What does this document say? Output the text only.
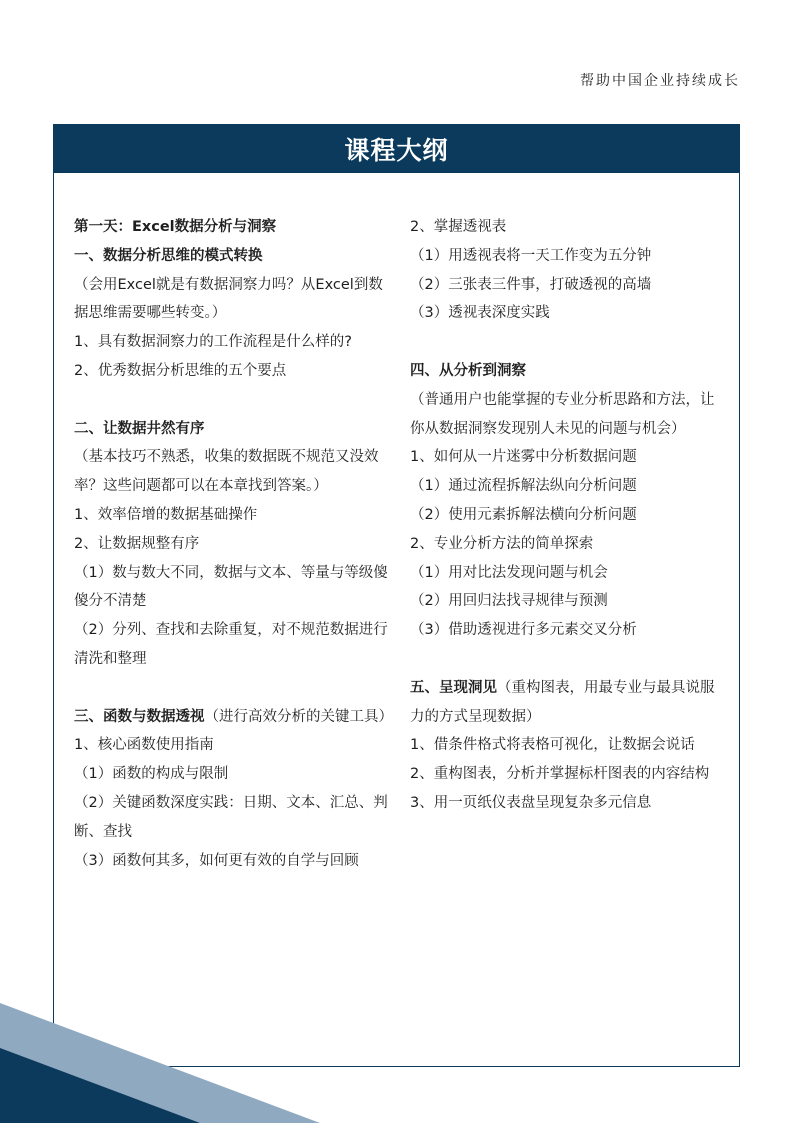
帮助中国企业持续成长
课程大纲
第一天：Excel数据分析与洞察
一、数据分析思维的模式转换
（会用Excel就是有数据洞察力吗？从Excel到数据思维需要哪些转变。）
1、具有数据洞察力的工作流程是什么样的?
2、优秀数据分析思维的五个要点
二、让数据井然有序
（基本技巧不熟悉，收集的数据既不规范又没效率？这些问题都可以在本章找到答案。）
1、效率倍增的数据基础操作
2、让数据规整有序
（1）数与数大不同，数据与文本、等量与等级傻傻分不清楚
（2）分列、查找和去除重复，对不规范数据进行清洗和整理
三、函数与数据透视（进行高效分析的关键工具）
1、核心函数使用指南
（1）函数的构成与限制
（2）关键函数深度实践：日期、文本、汇总、判断、查找
（3）函数何其多，如何更有效的自学与回顾
2、掌握透视表
（1）用透视表将一天工作变为五分钟
（2）三张表三件事，打破透视的高墙
（3）透视表深度实践
四、从分析到洞察
（普通用户也能掌握的专业分析思路和方法，让你从数据洞察发现别人未见的问题与机会）
1、如何从一片迷雾中分析数据问题
（1）通过流程拆解法纵向分析问题
（2）使用元素拆解法横向分析问题
2、专业分析方法的简单探索
（1）用对比法发现问题与机会
（2）用回归法找寻规律与预测
（3）借助透视进行多元素交叉分析
五、呈现洞见（重构图表，用最专业与最具说服力的方式呈现数据）
1、借条件格式将表格可视化，让数据会说话
2、重构图表，分析并掌握标杆图表的内容结构
3、用一页纸仪表盘呈现复杂多元信息
